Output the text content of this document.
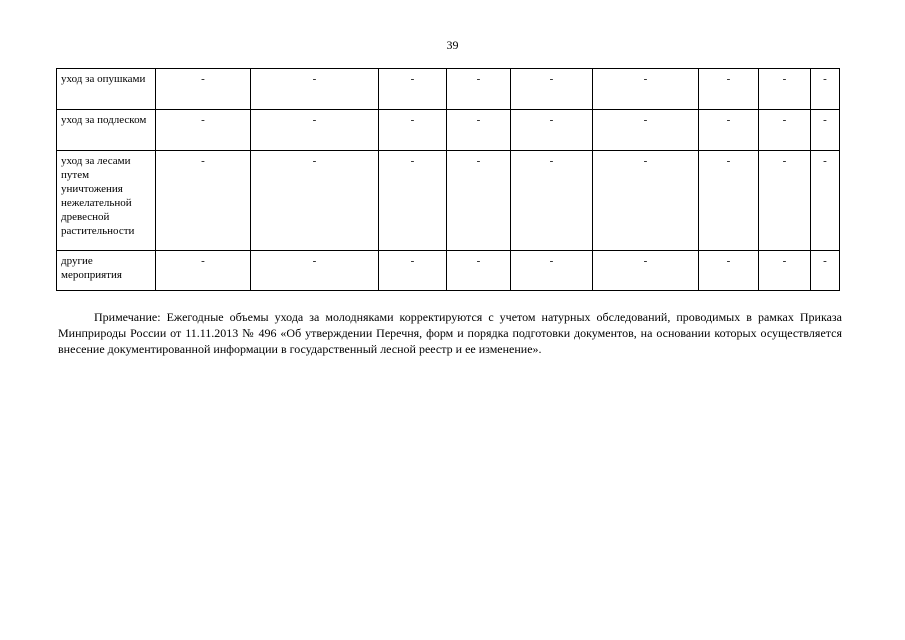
39
уход за опушками	-	-	-	-	-	-	-	-	-
уход за подлеском	-	-	-	-	-	-	-	-	-
уход за лесами путем уничтожения нежелательной древесной растительности	-	-	-	-	-	-	-	-	-
другие мероприятия	-	-	-	-	-	-	-	-	-

Примечание: Ежегодные объемы ухода за молодняками корректируются с учетом натурных обследований, проводимых в рамках Приказа Минприроды России от 11.11.2013 № 496 «Об утверждении Перечня, форм и порядка подготовки документов, на основании которых осуществляется внесение документированной информации в государственный лесной реестр и ее изменение».
